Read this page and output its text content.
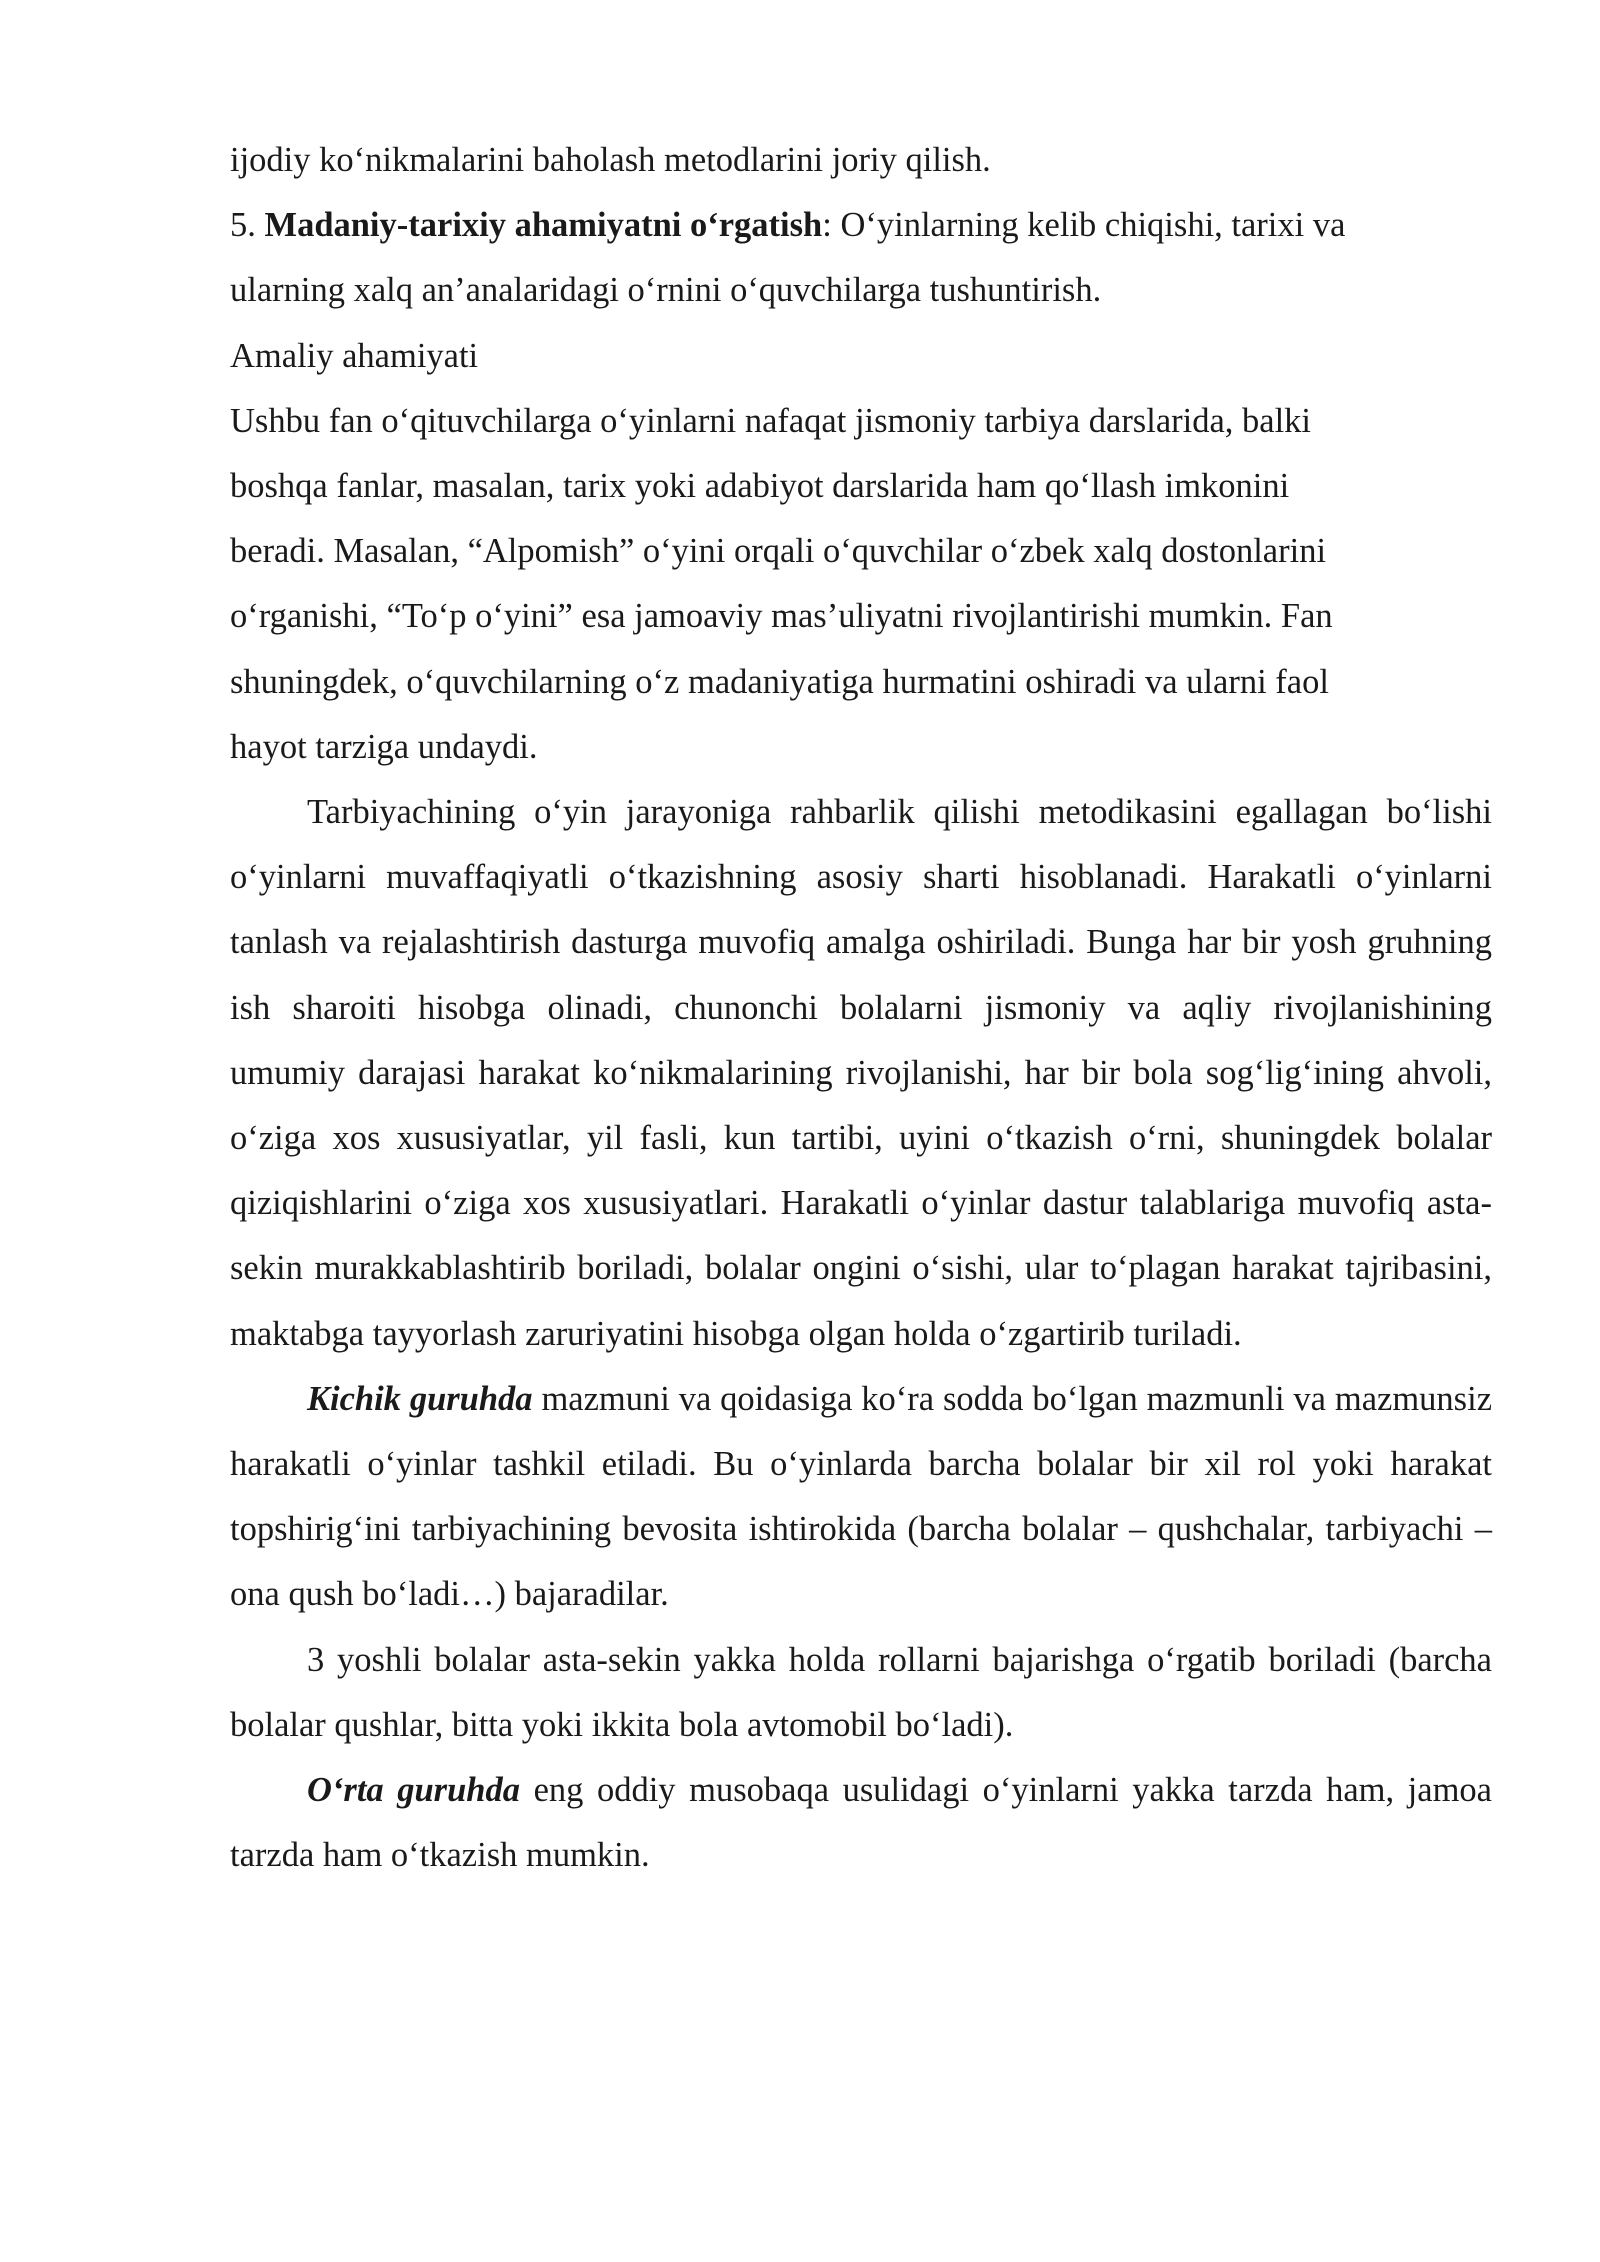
ijodiy ko‘nikmalarini baholash metodlarini joriy qilish.

5. Madaniy-tarixiy ahamiyatni o‘rgatish: O‘yinlarning kelib chiqishi, tarixi va

ularning xalq an’analaridagi o‘rnini o‘quvchilarga tushuntirish.

Amaliy ahamiyati

Ushbu fan o‘qituvchilarga o‘yinlarni nafaqat jismoniy tarbiya darslarida, balki

boshqa fanlar, masalan, tarix yoki adabiyot darslarida ham qo‘llash imkonini

beradi. Masalan, “Alpomish” o‘yini orqali o‘quvchilar o‘zbek xalq dostonlarini

o‘rganishi, “To‘p o‘yini” esa jamoaviy mas’uliyatni rivojlantirishi mumkin. Fan

shuningdek, o‘quvchilarning o‘z madaniyatiga hurmatini oshiradi va ularni faol

hayot tarziga undaydi.

Tarbiyachining o‘yin jarayoniga rahbarlik qilishi metodikasini egallagan bo‘lishi o‘yinlarni muvaffaqiyatli o‘tkazishning asosiy sharti hisoblanadi. Harakatli o‘yinlarni tanlash va rejalashtirish dasturga muvofiq amalga oshiriladi. Bunga har bir yosh gruhning ish sharoiti hisobga olinadi, chunonchi bolalarni jismoniy va aqliy rivojlanishining umumiy darajasi harakat ko‘nikmalarining rivojlanishi, har bir bola sog‘lig‘ining ahvoli, o‘ziga xos xususiyatlar, yil fasli, kun tartibi, uyini o‘tkazish o‘rni, shuningdek bolalar qiziqishlarini o‘ziga xos xususiyatlari. Harakatli o‘yinlar dastur talablariga muvofiq asta-sekin murakkablashtirib boriladi, bolalar ongini o‘sishi, ular to‘plagan harakat tajribasini, maktabga tayyorlash zaruriyatini hisobga olgan holda o‘zgartirib turiladi.

Kichik guruhda mazmuni va qoidasiga ko‘ra sodda bo‘lgan mazmunli va mazmunsiz harakatli o‘yinlar tashkil etiladi. Bu o‘yinlarda barcha bolalar bir xil rol yoki harakat topshirig‘ini tarbiyachining bevosita ishtirokida (barcha bolalar – qushchalar, tarbiyachi – ona qush bo‘ladi…) bajaradilar.

3 yoshli bolalar asta-sekin yakka holda rollarni bajarishga o‘rgatib boriladi (barcha bolalar qushlar, bitta yoki ikkita bola avtomobil bo‘ladi).

O‘rta guruhda eng oddiy musobaqa usulidagi o‘yinlarni yakka tarzda ham, jamoa tarzda ham o‘tkazish mumkin.
